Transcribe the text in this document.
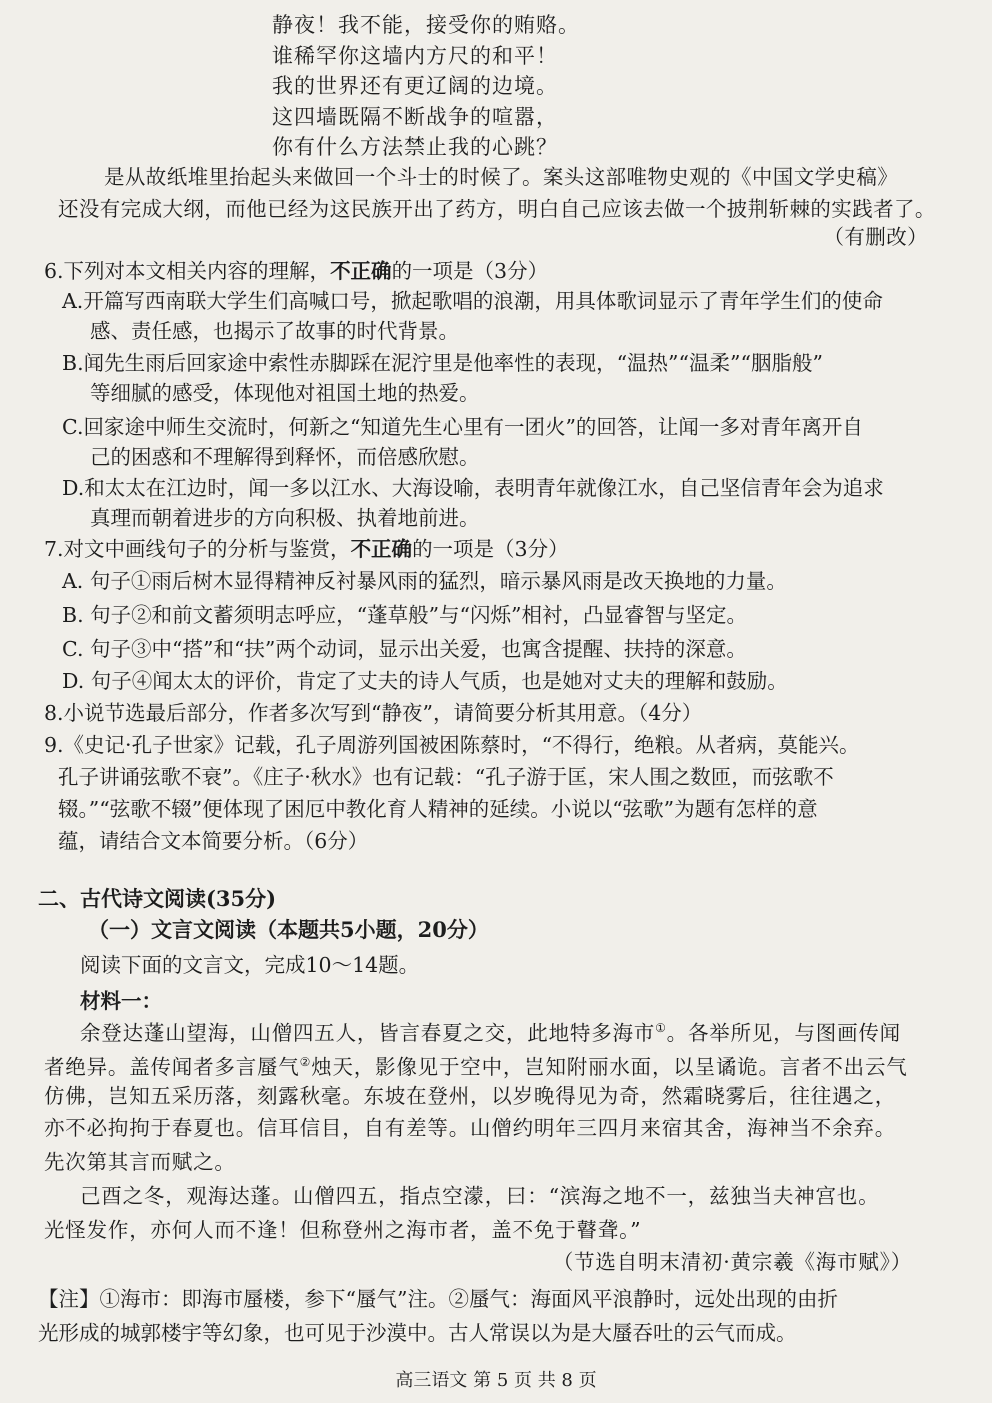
静夜！我不能，接受你的贿赂。
谁稀罕你这墙内方尺的和平！
我的世界还有更辽阔的边境。
这四墙既隔不断战争的喧嚣，
你有什么方法禁止我的心跳？
是从故纸堆里抬起头来做回一个斗士的时候了。案头这部唯物史观的《中国文学史稿》
还没有完成大纲，而他已经为这民族开出了药方，明白自己应该去做一个披荆斩棘的实践者了。
（有删改）
6.下列对本文相关内容的理解，不正确的一项是（3分）
A.开篇写西南联大学生们高喊口号，掀起歌唱的浪潮，用具体歌词显示了青年学生们的使命
感、责任感，也揭示了故事的时代背景。
B.闻先生雨后回家途中索性赤脚踩在泥泞里是他率性的表现，“温热”“温柔”“胭脂般”
等细腻的感受，体现他对祖国土地的热爱。
C.回家途中师生交流时，何新之“知道先生心里有一团火”的回答，让闻一多对青年离开自
己的困惑和不理解得到释怀，而倍感欣慰。
D.和太太在江边时，闻一多以江水、大海设喻，表明青年就像江水，自己坚信青年会为追求
真理而朝着进步的方向积极、执着地前进。
7.对文中画线句子的分析与鉴赏，不正确的一项是（3分）
A. 句子①雨后树木显得精神反衬暴风雨的猛烈，暗示暴风雨是改天换地的力量。
B. 句子②和前文蓄须明志呼应，“蓬草般”与“闪烁”相衬，凸显睿智与坚定。
C. 句子③中“搭”和“扶”两个动词，显示出关爱，也寓含提醒、扶持的深意。
D. 句子④闻太太的评价，肯定了丈夫的诗人气质，也是她对丈夫的理解和鼓励。
8.小说节选最后部分，作者多次写到“静夜”，请简要分析其用意。（4分）
9.《史记·孔子世家》记载，孔子周游列国被困陈蔡时，“不得行，绝粮。从者病，莫能兴。
孔子讲诵弦歌不衰”。《庄子·秋水》也有记载：“孔子游于匡，宋人围之数匝，而弦歌不
辍。”“弦歌不辍”便体现了困厄中教化育人精神的延续。小说以“弦歌”为题有怎样的意
蕴，请结合文本简要分析。（6分）
二、古代诗文阅读(35分)
（一）文言文阅读（本题共5小题，20分）
阅读下面的文言文，完成10～14题。
材料一：
余登达蓬山望海，山僧四五人，皆言春夏之交，此地特多海市①。各举所见，与图画传闻
者绝异。盖传闻者多言蜃气②烛天，影像见于空中，岂知附丽水面，以呈谲诡。言者不出云气
仿佛，岂知五采历落，刻露秋毫。东坡在登州，以岁晚得见为奇，然霜晓雾后，往往遇之，
亦不必拘拘于春夏也。信耳信目，自有差等。山僧约明年三四月来宿其舍，海神当不余弃。
先次第其言而赋之。
己酉之冬，观海达蓬。山僧四五，指点空濛，曰：“滨海之地不一，兹独当夫神宫也。
光怪发作，亦何人而不逢！但称登州之海市者，盖不免于瞽聋。”
（节选自明末清初·黄宗羲《海市赋》）
【注】①海市：即海市蜃楼，参下“蜃气”注。②蜃气：海面风平浪静时，远处出现的由折
光形成的城郭楼宇等幻象，也可见于沙漠中。古人常误以为是大蜃吞吐的云气而成。
高三语文 第 5 页 共 8 页
